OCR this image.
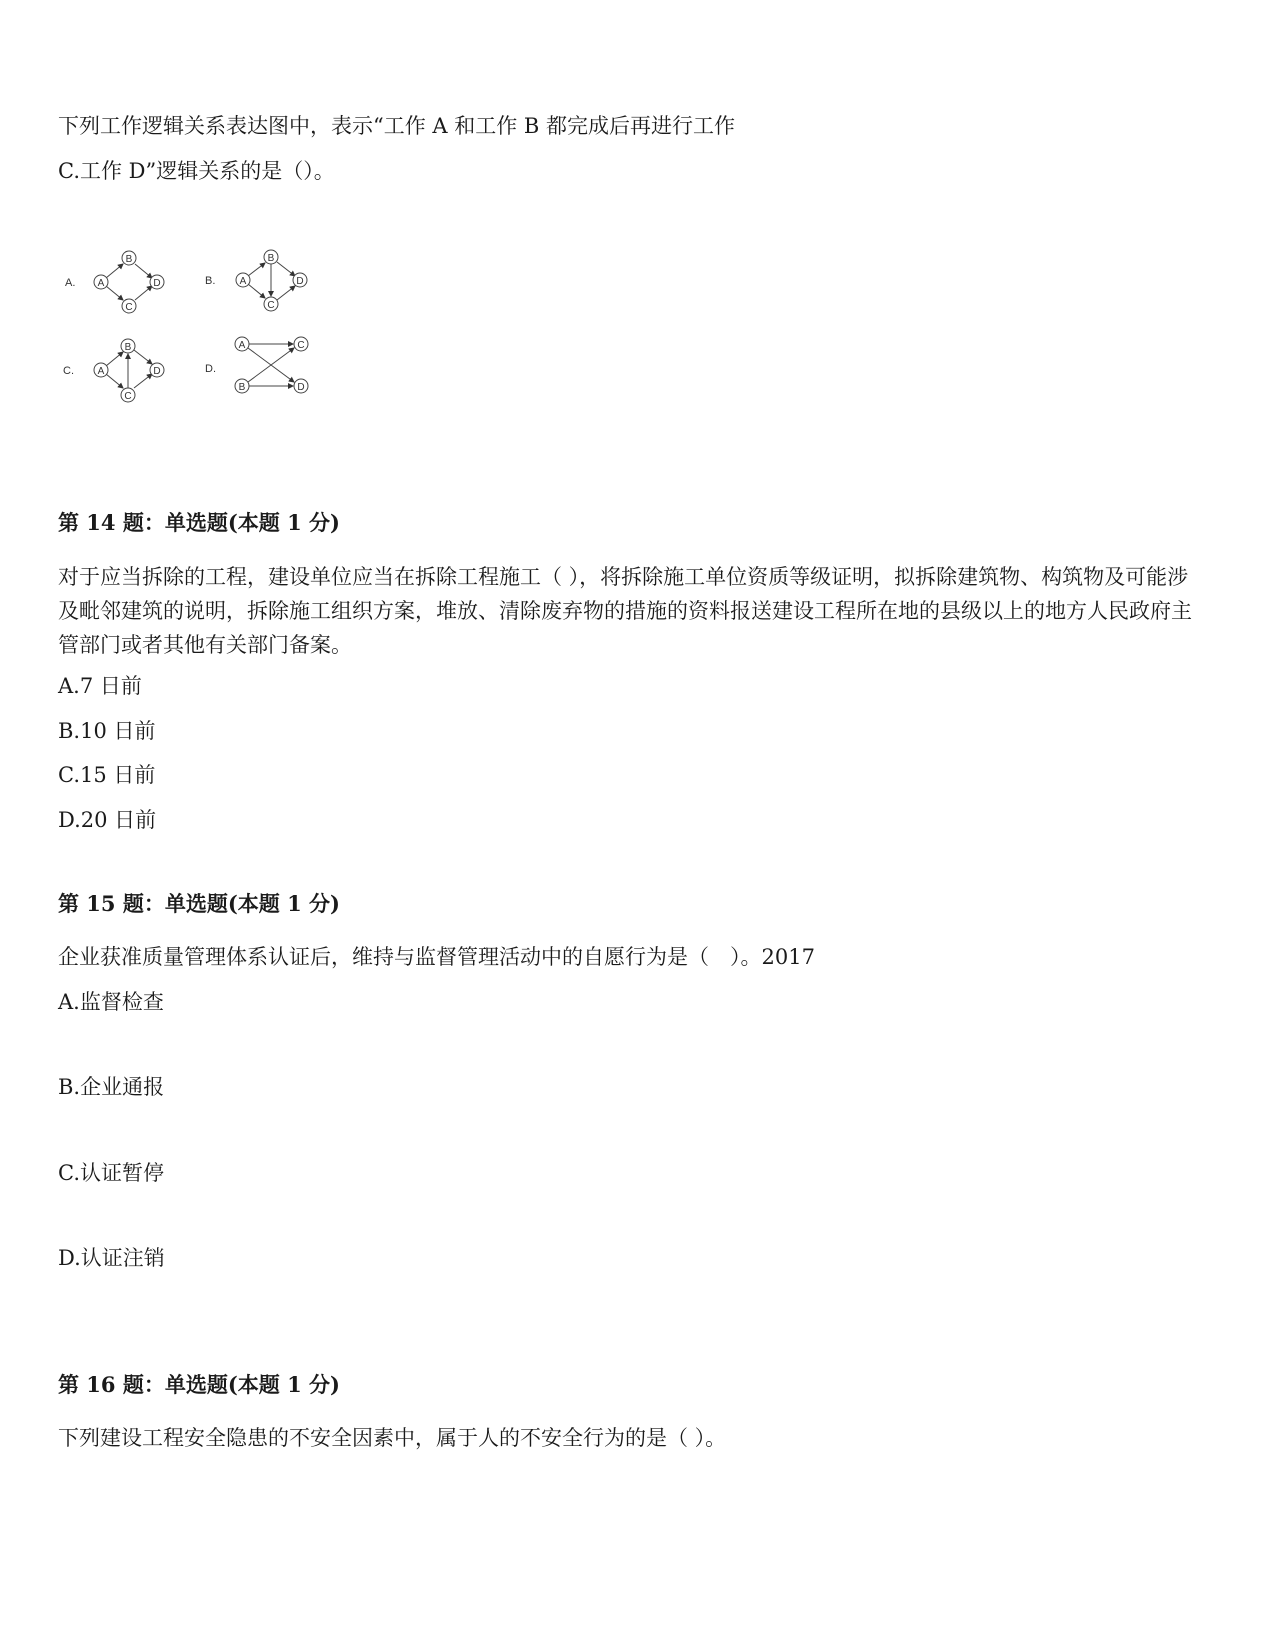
下列工作逻辑关系表达图中，表示“工作 A 和工作 B 都完成后再进行工作
C.工作 D”逻辑关系的是（）。
A. A
B
C
D	B. A
B
C
D
C. A
B
C
D	D.
A
B
C
D
第 14 题：单选题(本题 1 分)
对于应当拆除的工程，建设单位应当在拆除工程施工（ ），将拆除施工单位资质等级证明，拟拆除建筑物、构筑物及可能涉及毗邻建筑的说明，拆除施工组织方案，堆放、清除废弃物的措施的资料报送建设工程所在地的县级以上的地方人民政府主管部门或者其他有关部门备案。
A.7 日前
B.10 日前
C.15 日前
D.20 日前
第 15 题：单选题(本题 1 分)
企业获准质量管理体系认证后，维持与监督管理活动中的自愿行为是（　）。2017
A.监督检查
B.企业通报
C.认证暂停
D.认证注销
第 16 题：单选题(本题 1 分)
下列建设工程安全隐患的不安全因素中，属于人的不安全行为的是（ ）。
